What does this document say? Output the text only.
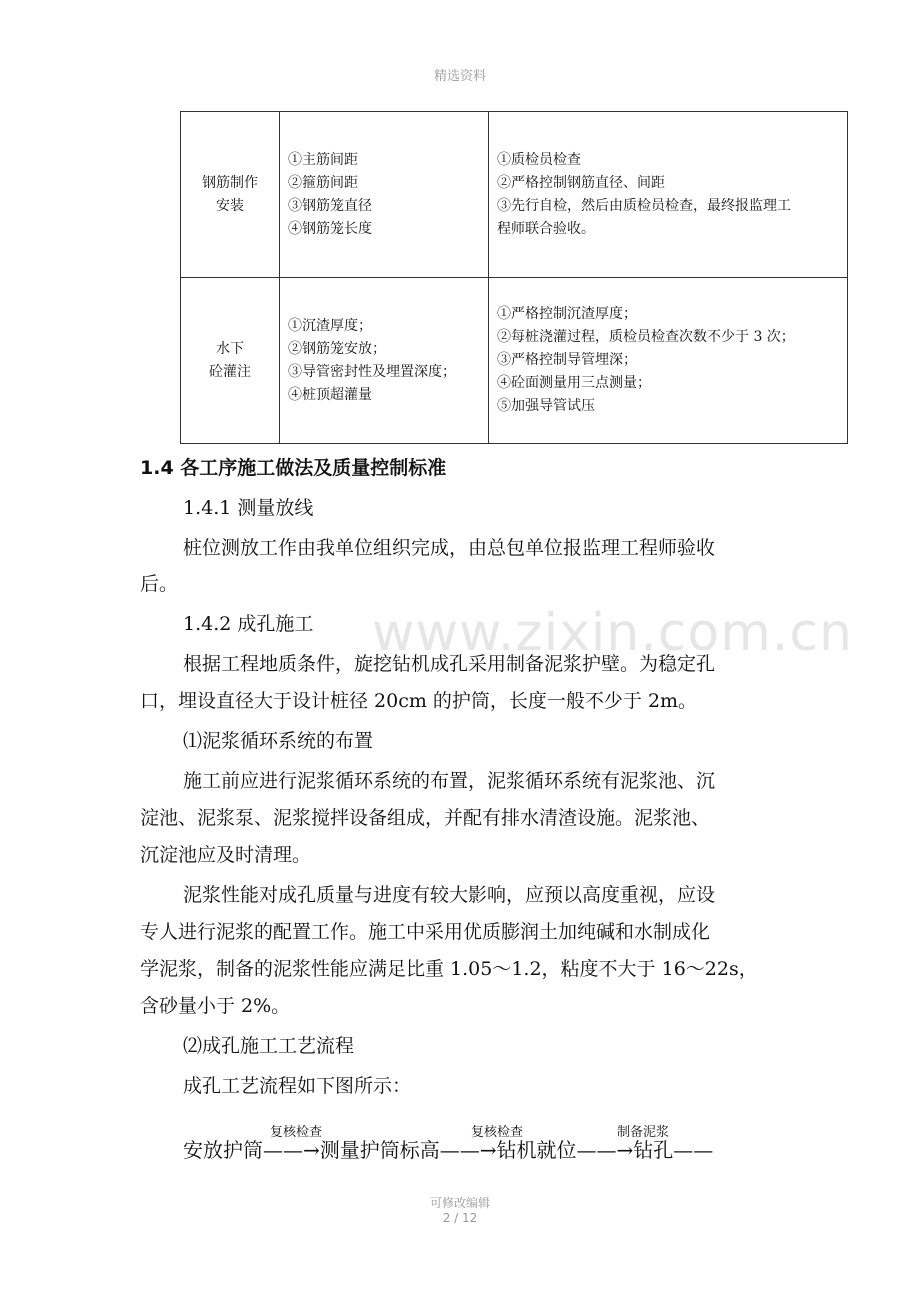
精选资料
www.zixin.com.cn
钢筋制作
安装	①主筋间距
②箍筋间距
③钢筋笼直径
④钢筋笼长度	①质检员检查
②严格控制钢筋直径、间距
③先行自检，然后由质检员检查，最终报监理工
程师联合验收。

水下
砼灌注	①沉渣厚度；
②钢筋笼安放；
③导管密封性及埋置深度；
④桩顶超灌量	①严格控制沉渣厚度；
②每桩浇灌过程，质检员检查次数不少于 3 次；
③严格控制导管埋深；
④砼面测量用三点测量；
⑤加强导管试压
1.4 各工序施工做法及质量控制标准
1.4.1 测量放线
桩位测放工作由我单位组织完成，由总包单位报监理工程师验收
后。
1.4.2 成孔施工
根据工程地质条件，旋挖钻机成孔采用制备泥浆护壁。为稳定孔
口，埋设直径大于设计桩径 20cm 的护筒，长度一般不少于 2m。
⑴泥浆循环系统的布置
施工前应进行泥浆循环系统的布置，泥浆循环系统有泥浆池、沉
淀池、泥浆泵、泥浆搅拌设备组成，并配有排水清渣设施。泥浆池、
沉淀池应及时清理。
泥浆性能对成孔质量与进度有较大影响，应预以高度重视，应设
专人进行泥浆的配置工作。施工中采用优质膨润土加纯碱和水制成化
学泥浆，制备的泥浆性能应满足比重 1.05～1.2，粘度不大于 16～22s，
含砂量小于 2%。
⑵成孔施工工艺流程
成孔工艺流程如下图所示：
复核检查	复核检查	制备泥浆
安放护筒——→测量护筒标高——→钻机就位——→钻孔——
可修改编辑
2 / 12
